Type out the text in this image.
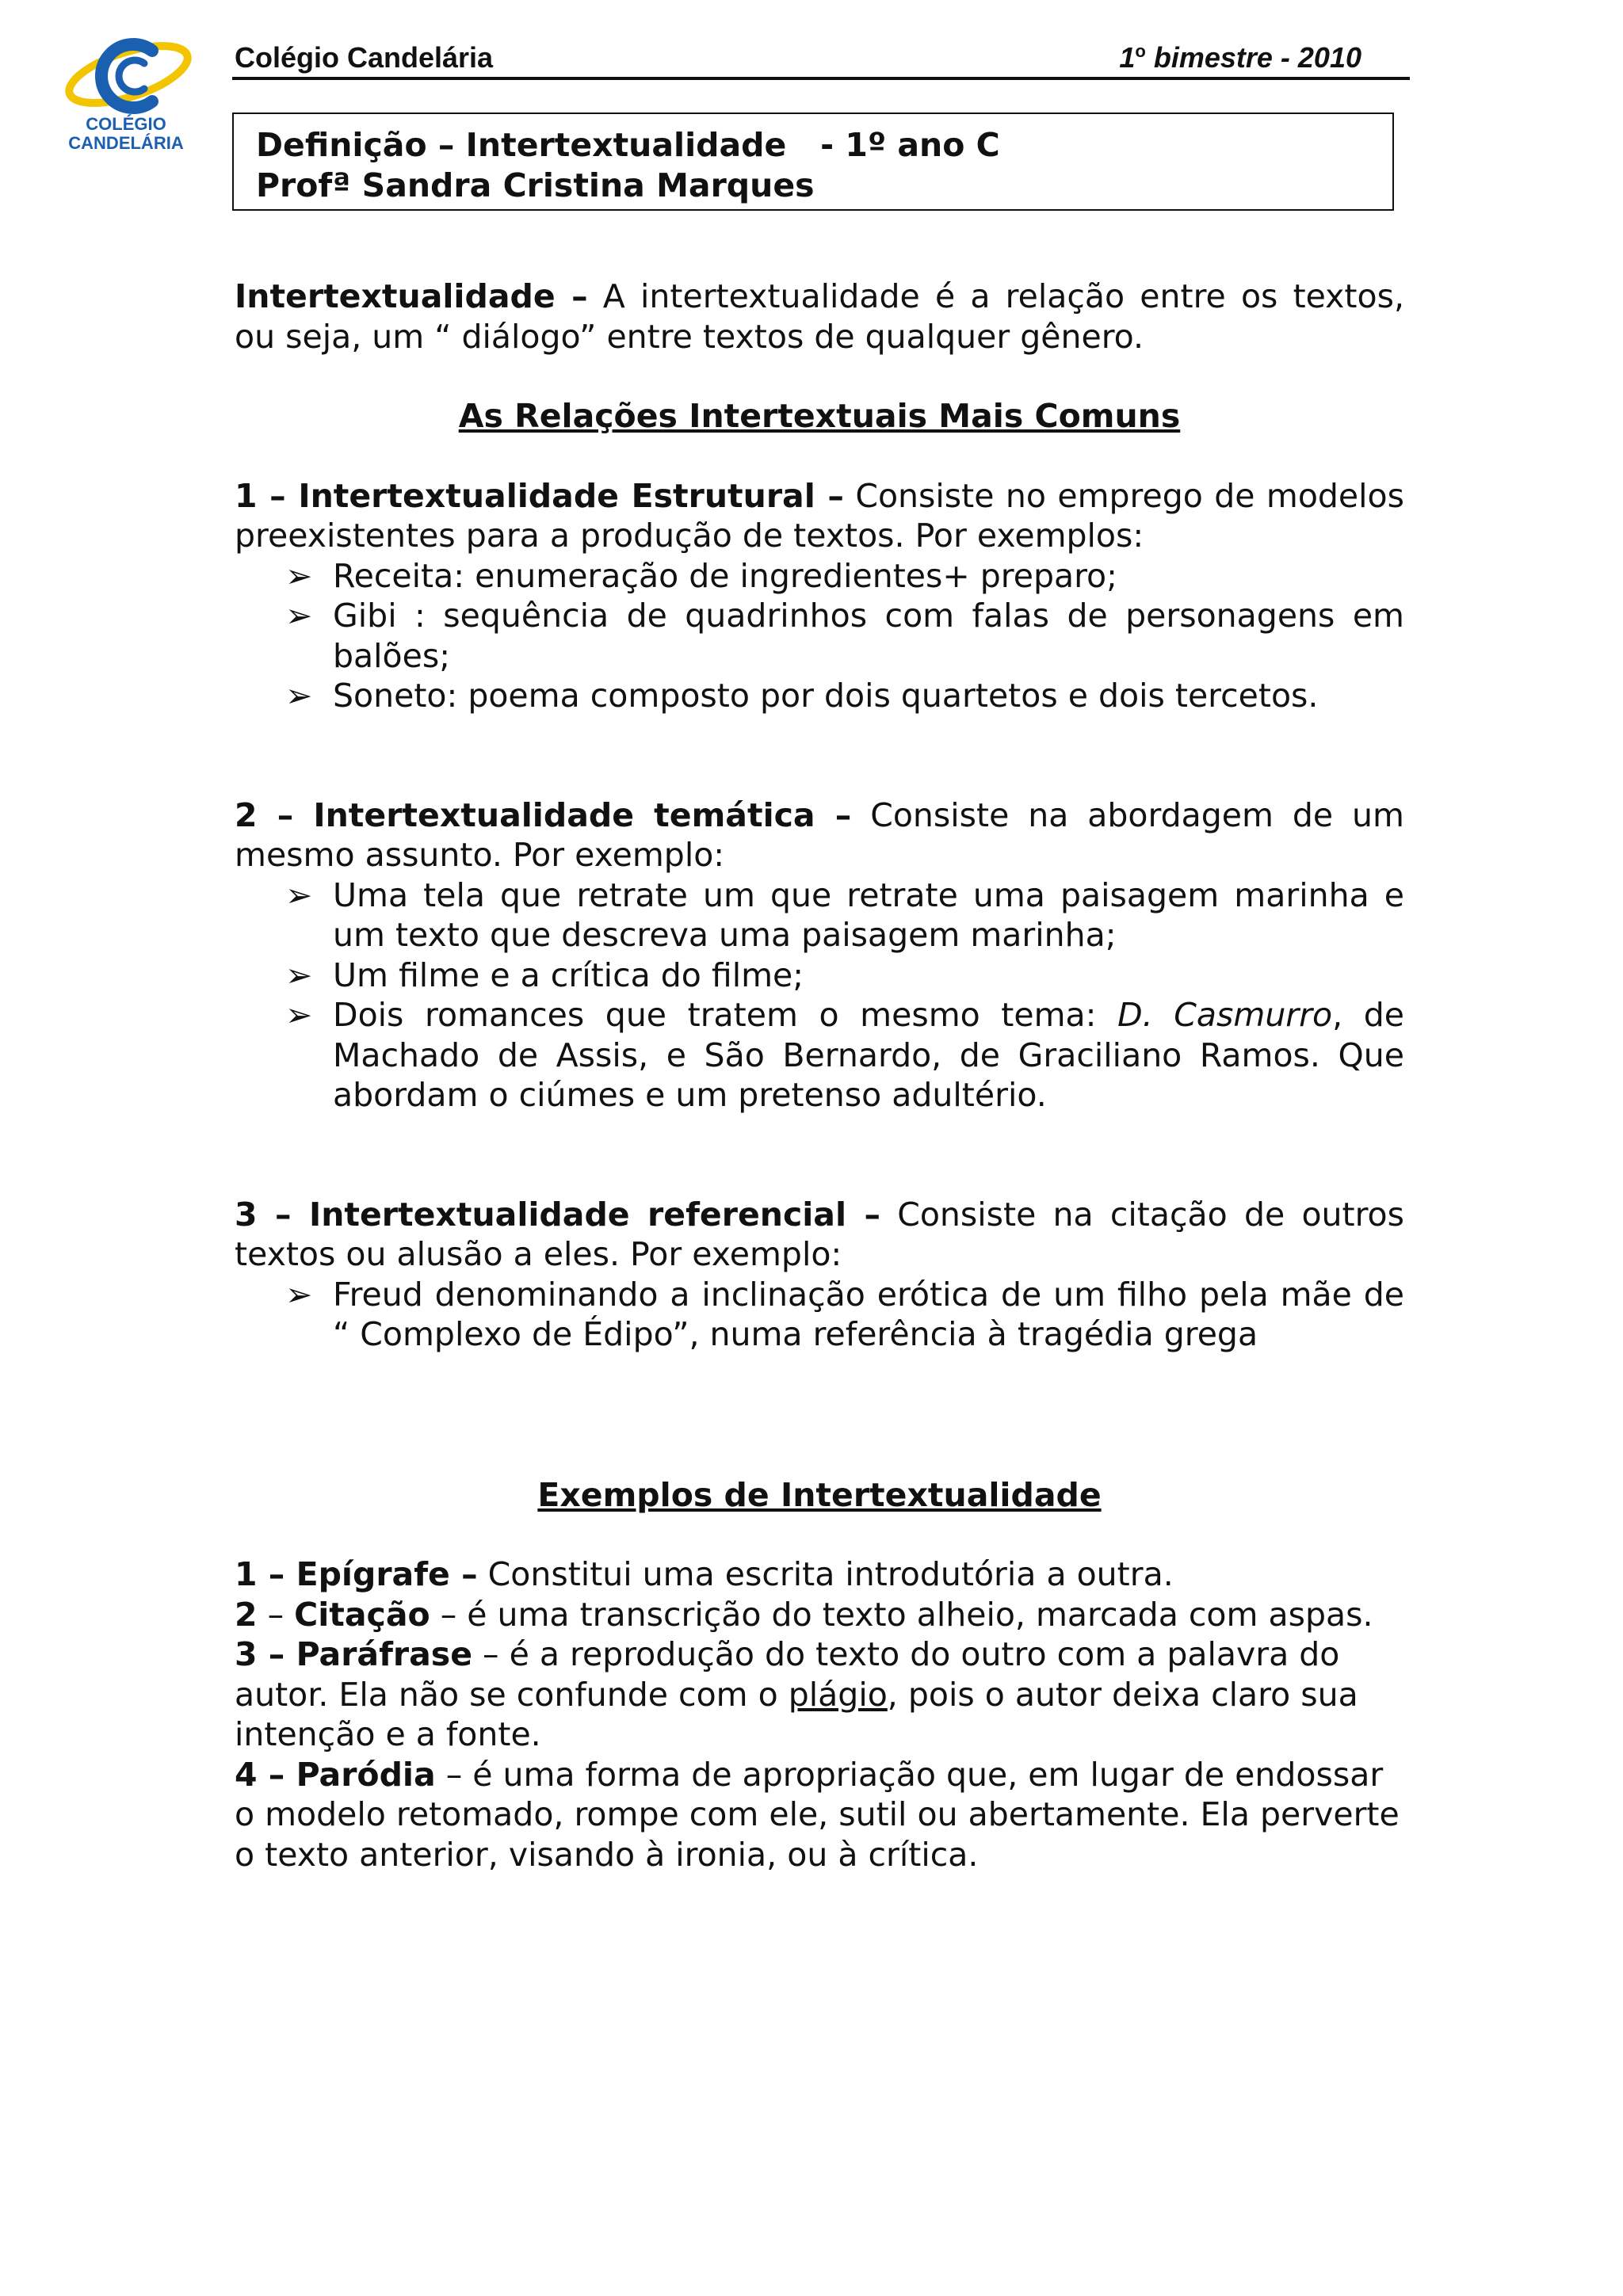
COLÉGIO
CANDELÁRIA
Colégio Candelária	1$^o$ bimestre - 2010
Definição – Intertextualidade   - 1º ano C
Profª Sandra Cristina Marques

Intertextualidade – A intertextualidade é a relação entre os textos, ou seja, um “ diálogo” entre textos de qualquer gênero.

As Relações Intertextuais Mais Comuns

1 – Intertextualidade Estrutural – Consiste no emprego de modelos preexistentes para a produção de textos. Por exemplos:

➢ Receita: enumeração de ingredientes+ preparo;
➢ Gibi : sequência de quadrinhos com falas de personagens em balões;
➢ Soneto: poema composto por dois quartetos e dois tercetos.

2 – Intertextualidade temática – Consiste na abordagem de um mesmo assunto. Por exemplo:

➢ Uma tela que retrate um que retrate uma paisagem marinha e um texto que descreva uma paisagem marinha;
➢ Um filme e a crítica do filme;
➢ Dois romances que tratem o mesmo tema: D. Casmurro, de Machado de Assis, e São Bernardo, de Graciliano Ramos. Que abordam o ciúmes e um pretenso adultério.

3 – Intertextualidade referencial – Consiste na citação de outros textos ou alusão a eles. Por exemplo:

➢ Freud denominando a inclinação erótica de um filho pela mãe de “ Complexo de Édipo”, numa referência à tragédia grega

Exemplos de Intertextualidade

1 – Epígrafe – Constitui uma escrita introdutória a outra.

2 – Citação – é uma transcrição do texto alheio, marcada com aspas.

3 – Paráfrase – é a reprodução do texto do outro com a palavra do autor. Ela não se confunde com o plágio, pois o autor deixa claro sua intenção e a fonte.

4 – Paródia – é uma forma de apropriação que, em lugar de endossar o modelo retomado, rompe com ele, sutil ou abertamente. Ela perverte o texto anterior, visando à ironia, ou à crítica.
